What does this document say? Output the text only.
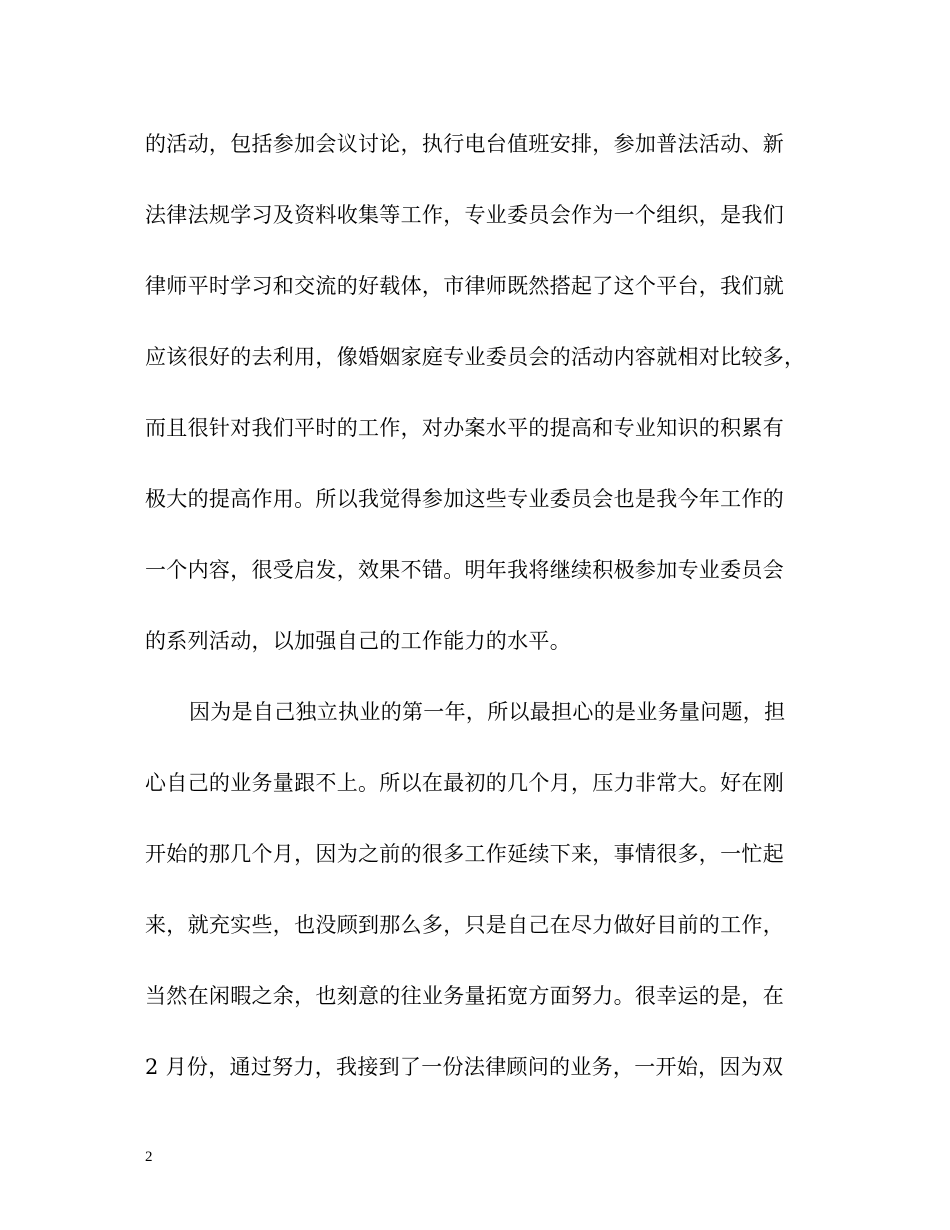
的活动，包括参加会议讨论，执行电台值班安排，参加普法活动、新
法律法规学习及资料收集等工作，专业委员会作为一个组织，是我们
律师平时学习和交流的好载体，市律师既然搭起了这个平台，我们就
应该很好的去利用，像婚姻家庭专业委员会的活动内容就相对比较多，
而且很针对我们平时的工作，对办案水平的提高和专业知识的积累有
极大的提高作用。所以我觉得参加这些专业委员会也是我今年工作的
一个内容，很受启发，效果不错。明年我将继续积极参加专业委员会
的系列活动，以加强自己的工作能力的水平。
因为是自己独立执业的第一年，所以最担心的是业务量问题，担
心自己的业务量跟不上。所以在最初的几个月，压力非常大。好在刚
开始的那几个月，因为之前的很多工作延续下来，事情很多，一忙起
来，就充实些，也没顾到那么多，只是自己在尽力做好目前的工作，
当然在闲暇之余，也刻意的往业务量拓宽方面努力。很幸运的是，在
2 月份，通过努力，我接到了一份法律顾问的业务，一开始，因为双
2
